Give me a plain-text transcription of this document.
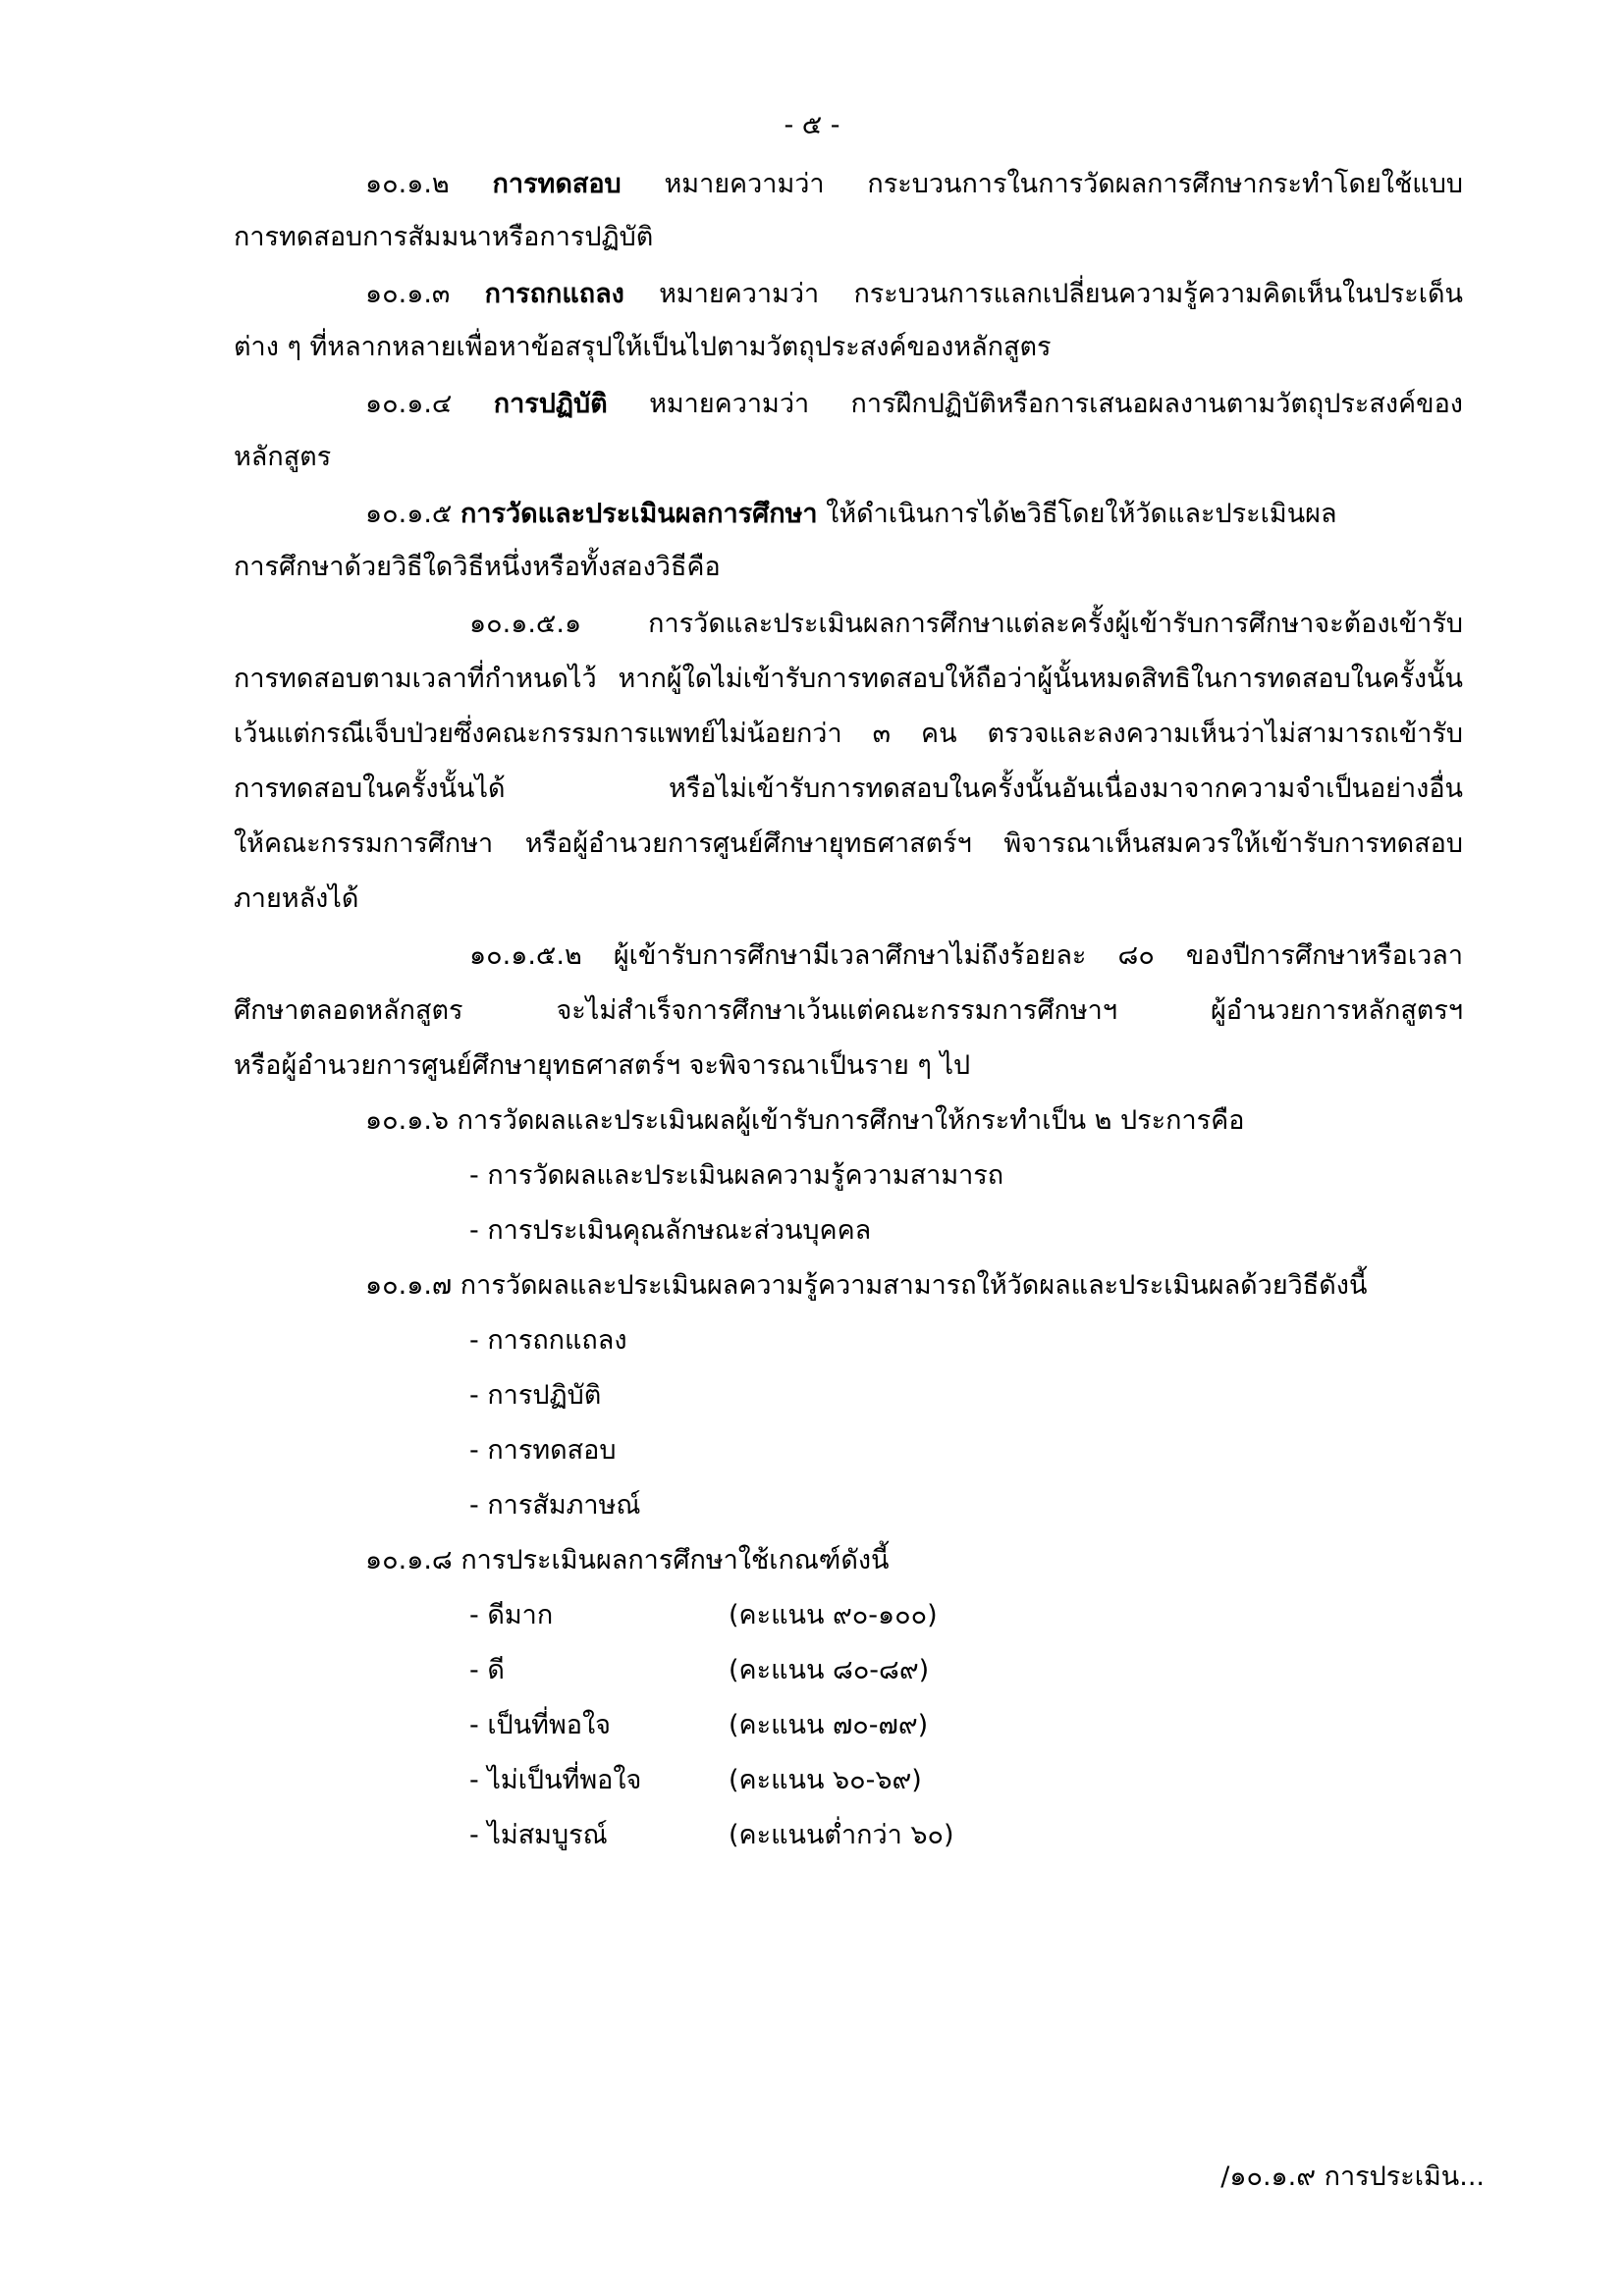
- ๕ -
๑๐.๑.๒ การทดสอบ หมายความว่า กระบวนการในการวัดผลการศึกษากระทำโดยใช้แบบ
การทดสอบการสัมมนาหรือการปฏิบัติ
๑๐.๑.๓ การถกแถลง หมายความว่า กระบวนการแลกเปลี่ยนความรู้ความคิดเห็นในประเด็น
ต่าง ๆ ที่หลากหลายเพื่อหาข้อสรุปให้เป็นไปตามวัตถุประสงค์ของหลักสูตร
๑๐.๑.๔ การปฏิบัติ หมายความว่า การฝึกปฏิบัติหรือการเสนอผลงานตามวัตถุประสงค์ของ
หลักสูตร
๑๐.๑.๕ การวัดและประเมินผลการศึกษา ให้ดำเนินการได้๒วิธีโดยให้วัดและประเมินผล
การศึกษาด้วยวิธีใดวิธีหนึ่งหรือทั้งสองวิธีคือ
๑๐.๑.๕.๑ การวัดและประเมินผลการศึกษาแต่ละครั้งผู้เข้ารับการศึกษาจะต้องเข้ารับ
การทดสอบตามเวลาที่กำหนดไว้ หากผู้ใดไม่เข้ารับการทดสอบให้ถือว่าผู้นั้นหมดสิทธิในการทดสอบในครั้งนั้น
เว้นแต่กรณีเจ็บป่วยซึ่งคณะกรรมการแพทย์ไม่น้อยกว่า ๓ คน ตรวจและลงความเห็นว่าไม่สามารถเข้ารับ
การทดสอบในครั้งนั้นได้ หรือไม่เข้ารับการทดสอบในครั้งนั้นอันเนื่องมาจากความจำเป็นอย่างอื่น
ให้คณะกรรมการศึกษา หรือผู้อำนวยการศูนย์ศึกษายุทธศาสตร์ฯ พิจารณาเห็นสมควรให้เข้ารับการทดสอบ
ภายหลังได้
๑๐.๑.๕.๒ ผู้เข้ารับการศึกษามีเวลาศึกษาไม่ถึงร้อยละ ๘๐ ของปีการศึกษาหรือเวลา
ศึกษาตลอดหลักสูตร จะไม่สำเร็จการศึกษาเว้นแต่คณะกรรมการศึกษาฯ ผู้อำนวยการหลักสูตรฯ
หรือผู้อำนวยการศูนย์ศึกษายุทธศาสตร์ฯ จะพิจารณาเป็นราย ๆ ไป
๑๐.๑.๖ การวัดผลและประเมินผลผู้เข้ารับการศึกษาให้กระทำเป็น ๒ ประการคือ
- การวัดผลและประเมินผลความรู้ความสามารถ
- การประเมินคุณลักษณะส่วนบุคคล
๑๐.๑.๗ การวัดผลและประเมินผลความรู้ความสามารถให้วัดผลและประเมินผลด้วยวิธีดังนี้
- การถกแถลง
- การปฏิบัติ
- การทดสอบ
- การสัมภาษณ์
๑๐.๑.๘ การประเมินผลการศึกษาใช้เกณฑ์ดังนี้
- ดีมาก	(คะแนน ๙๐-๑๐๐)
- ดี	(คะแนน ๘๐-๘๙)
- เป็นที่พอใจ	(คะแนน ๗๐-๗๙)
- ไม่เป็นที่พอใจ	(คะแนน ๖๐-๖๙)
- ไม่สมบูรณ์	(คะแนนต่ำกว่า ๖๐)
/๑๐.๑.๙ การประเมิน...
